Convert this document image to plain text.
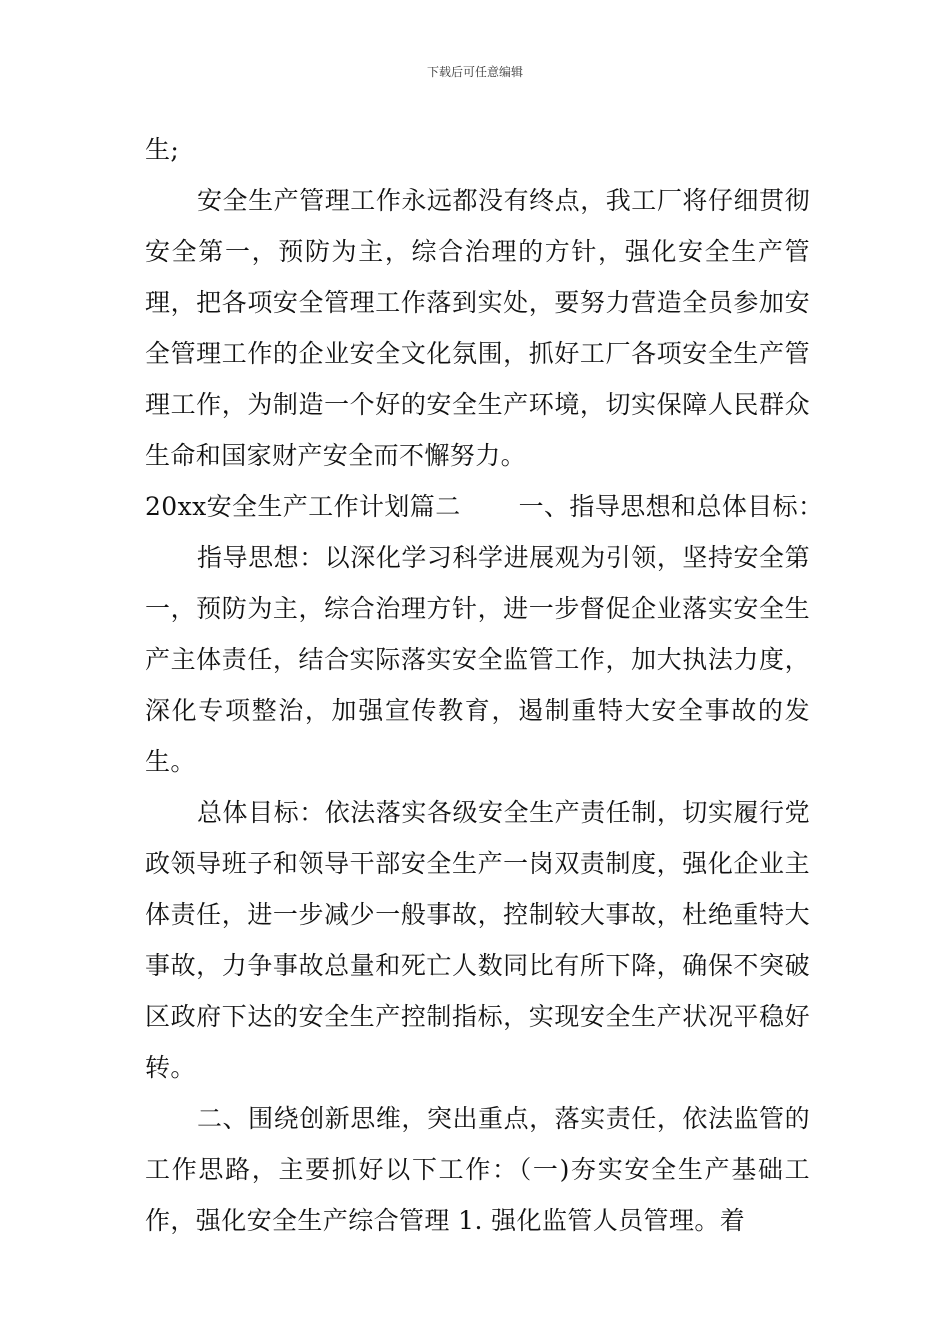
下载后可任意编辑

生;

安全生产管理工作永远都没有终点，我工厂将仔细贯彻安全第一，预防为主，综合治理的方针，强化安全生产管理，把各项安全管理工作落到实处，要努力营造全员参加安全管理工作的企业安全文化氛围，抓好工厂各项安全生产管理工作，为制造一个好的安全生产环境，切实保障人民群众生命和国家财产安全而不懈努力。

20xx安全生产工作计划篇二 一、指导思想和总体目标：

指导思想：以深化学习科学进展观为引领，坚持安全第一，预防为主，综合治理方针，进一步督促企业落实安全生产主体责任，结合实际落实安全监管工作，加大执法力度，深化专项整治，加强宣传教育，遏制重特大安全事故的发生。

总体目标：依法落实各级安全生产责任制，切实履行党政领导班子和领导干部安全生产一岗双责制度，强化企业主体责任，进一步减少一般事故，控制较大事故，杜绝重特大事故，力争事故总量和死亡人数同比有所下降，确保不突破区政府下达的安全生产控制指标，实现安全生产状况平稳好转。

二、围绕创新思维，突出重点，落实责任，依法监管的工作思路，主要抓好以下工作：（一)夯实安全生产基础工作，强化安全生产综合管理 1. 强化监管人员管理。着
